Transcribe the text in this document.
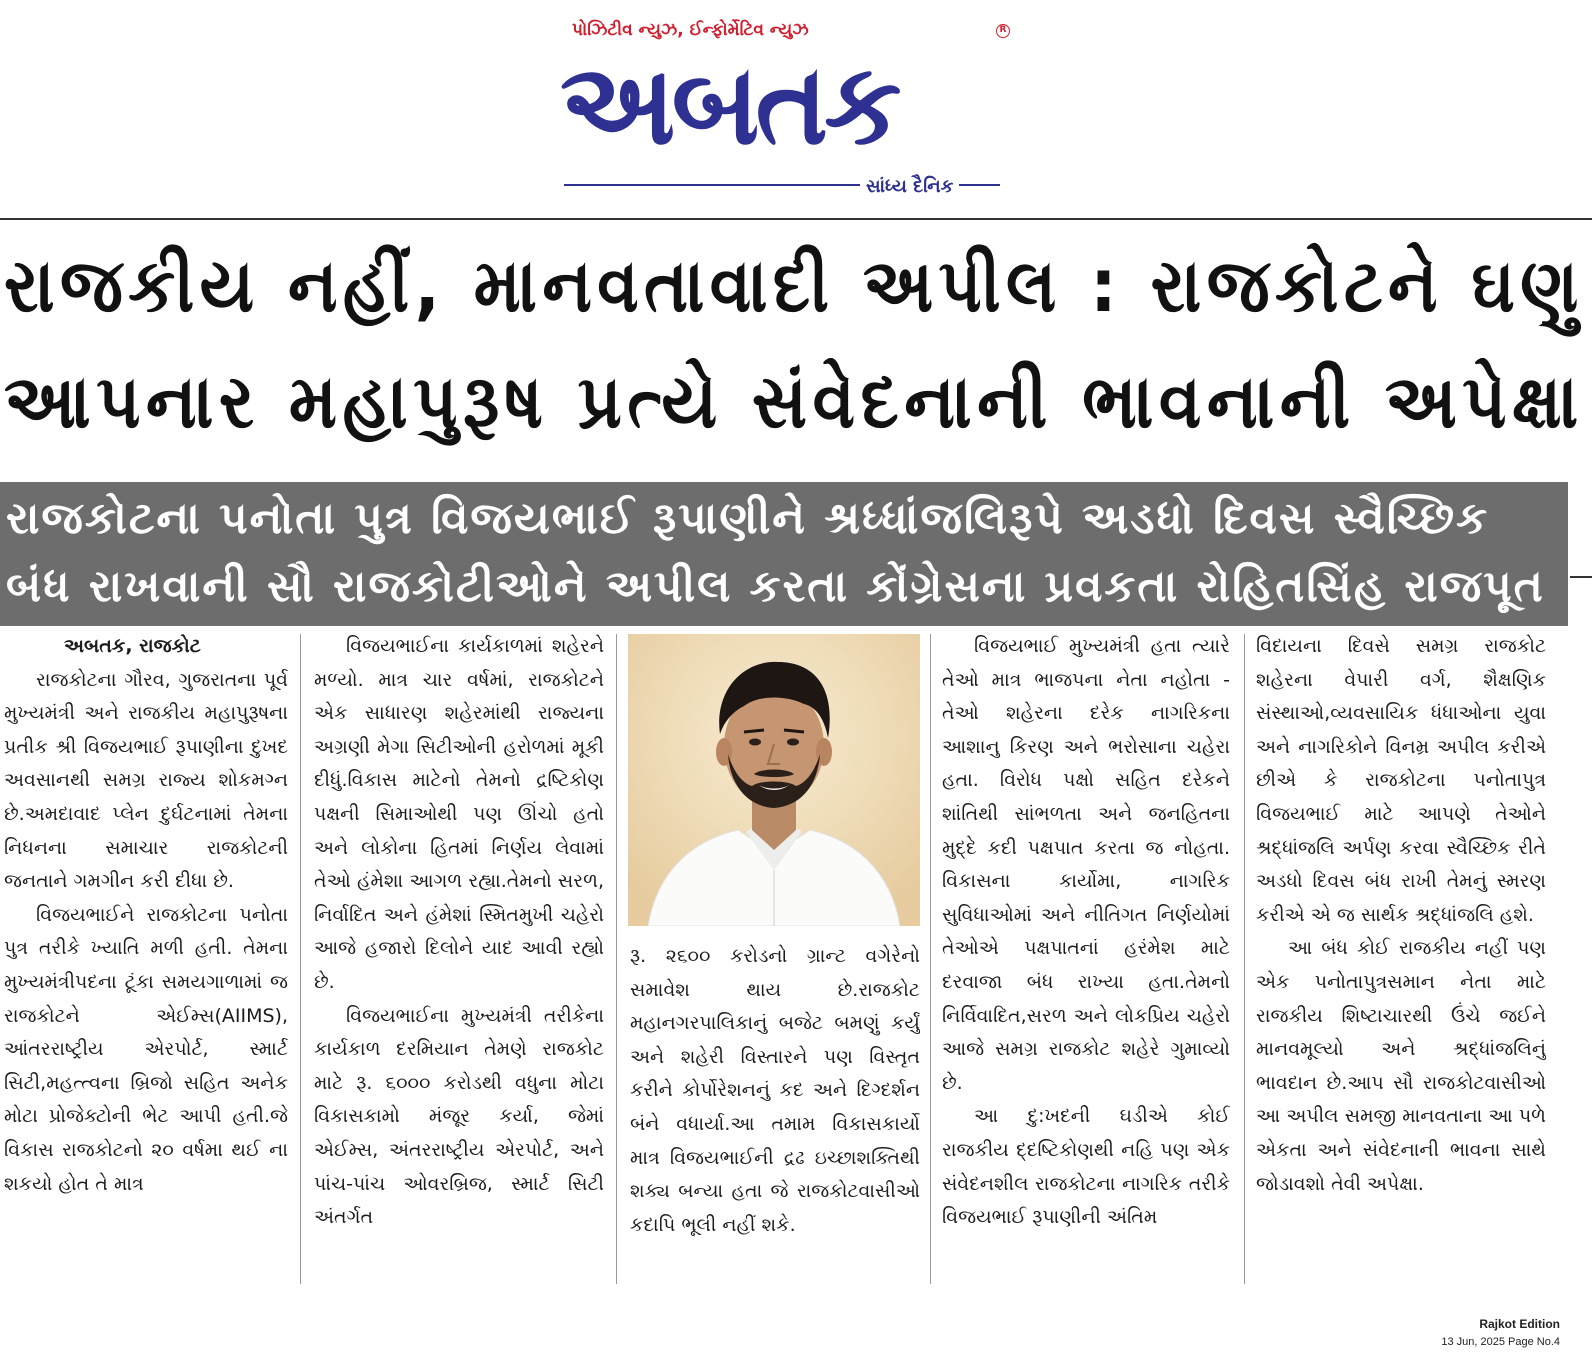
પોઝિટીવ ન્યુઝ, ઈન્ફોર્મેટિવ ન્યુઝ	R
અબતક
સાંધ્ય દૈનિક
રાજકીય નહીં, માનવતાવાદી અપીલ : રાજકોટને ઘણુ
આપનાર મહાપુરૂષ પ્રત્યે સંવેદનાની ભાવનાની અપેક્ષા
રાજકોટના પનોતા પુત્ર વિજયભાઈ રૂપાણીને શ્રધ્ધાંજલિરૂપે અડધો દિવસ સ્વૈચ્છિક
બંધ રાખવાની સૌ રાજકોટીઓને અપીલ કરતા કોંગ્રેસના પ્રવકતા રોહિતસિંહ રાજપૂત

અબતક, રાજકોટ

રાજકોટના ગૌરવ, ગુજરાતના પૂર્વ મુખ્યમંત્રી અને રાજકીય મહાપુરૂષના પ્રતીક શ્રી વિજયભાઈ રૂપાણીના દુખદ અવસાનથી સમગ્ર રાજ્ય શોકમગ્ન છે.અમદાવાદ પ્લેન દુર્ઘટનામાં તેમના નિધનના સમાચાર રાજકોટની જનતાને ગમગીન કરી દીધા છે.

વિજયભાઈને રાજકોટના પનોતા પુત્ર તરીકે ખ્યાતિ મળી હતી. તેમના મુખ્યમંત્રીપદના ટૂંકા સમયગાળામાં જ રાજકોટને એઈમ્સ(AIIMS), આંતરરાષ્ટ્રીય એરપોર્ટ, સ્માર્ટ સિટી,મહત્ત્વના બ્રિજો સહિત અનેક મોટા પ્રોજેક્ટોની ભેટ આપી હતી.જે વિકાસ રાજકોટનો ૨૦ વર્ષમા થઈ ના શકયો હોત તે માત્ર

વિજયભાઈના કાર્યકાળમાં શહેરને મળ્યો. માત્ર ચાર વર્ષમાં, રાજકોટને એક સાધારણ શહેરમાંથી રાજ્યના અગ્રણી મેગા સિટીઓની હરોળમાં મૂકી દીધું.વિકાસ માટેનો તેમનો દ્રષ્ટિકોણ પક્ષની સિમાઓથી પણ ઊંચો હતો અને લોકોના હિતમાં નિર્ણય લેવામાં તેઓ હંમેશા આગળ રહ્યા.તેમનો સરળ, નિર્વાદિત અને હંમેશાં સ્મિતમુખી ચહેરો આજે હજારો દિલોને યાદ આવી રહ્યો છે.

વિજયભાઈના મુખ્યમંત્રી તરીકેના કાર્યકાળ દરમિયાન તેમણે રાજકોટ માટે રૂ. ૬૦૦૦ કરોડથી વધુના મોટા વિકાસકામો મંજૂર કર્યા, જેમાં એઈમ્સ, અંતરરાષ્ટ્રીય એરપોર્ટ, અને પાંચ-પાંચ ઓવરબ્રિજ, સ્માર્ટ સિટી અંતર્ગત

રૂ. ૨૬૦૦ કરોડનો ગ્રાન્ટ વગેરેનો સમાવેશ થાય છે.રાજકોટ મહાનગરપાલિકાનું બજેટ બમણું કર્યું અને શહેરી વિસ્તારને પણ વિસ્તૃત કરીને કોર્પોરેશનનું કદ અને દિગ્દર્શન બંને વધાર્યા.આ તમામ વિકાસકાર્યો માત્ર વિજયભાઈની દ્રઢ ઇચ્છાશક્તિથી શક્ય બન્યા હતા જે રાજકોટવાસીઓ કદાપિ ભૂલી નહીં શકે.

વિજયભાઈ મુખ્યમંત્રી હતા ત્યારે તેઓ માત્ર ભાજપના નેતા નહોતા - તેઓ શહેરના દરેક નાગરિકના આશાનુ કિરણ અને ભરોસાના ચહેરા હતા. વિરોધ પક્ષો સહિત દરેકને શાંતિથી સાંભળતા અને જનહિતના મુદ્દે કદી પક્ષપાત કરતા જ નોહતા. વિકાસના કાર્યોમા, નાગરિક સુવિધાઓમાં અને નીતિગત નિર્ણયોમાં તેઓએ પક્ષપાતનાં હરંમેશ માટે દરવાજા બંધ રાખ્યા હતા.તેમનો નિર્વિવાદિત,સરળ અને લોકપ્રિય ચહેરો આજે સમગ્ર રાજકોટ શહેરે ગુમાવ્યો છે.

આ દુ:ખદની ઘડીએ કોઈ રાજકીય દ્દષ્ટિકોણથી નહિ પણ એક સંવેદનશીલ રાજકોટના નાગરિક તરીકે વિજયભાઈ રૂપાણીની અંતિમ

વિદાયના દિવસે સમગ્ર રાજકોટ શહેરના વેપારી વર્ગ, શૈક્ષણિક સંસ્થાઓ,વ્યવસાયિક ધંધાઓના યુવા અને નાગરિકોને વિનમ્ર અપીલ કરીએ છીએ કે રાજકોટના પનોતાપુત્ર વિજયભાઈ માટે આપણે તેઓને શ્રદ્ધાંજલિ અર્પણ કરવા સ્વૈચ્છિક રીતે અડધો દિવસ બંધ રાખી તેમનું સ્મરણ કરીએ એ જ સાર્થક શ્રદ્ધાંજલિ હશે.

આ બંધ કોઈ રાજકીય નહીં પણ એક પનોતાપુત્રસમાન નેતા માટે રાજકીય શિષ્ટાચારથી ઉંચે જઈને માનવમૂલ્યો અને શ્રદ્ધાંજલિનું ભાવદાન છે.આપ સૌ રાજકોટવાસીઓ આ અપીલ સમજી માનવતાના આ પળે એકતા અને સંવેદનાની ભાવના સાથે જોડાવશો તેવી અપેક્ષા.

Rajkot Edition
13 Jun, 2025 Page No.4
